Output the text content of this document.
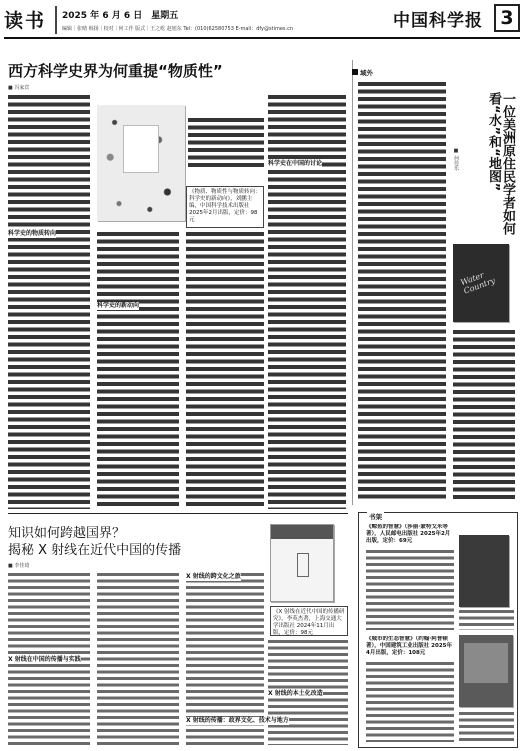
读书 2025 年 6 月 6 日　星期五
编辑｜张晴 韩扬｜校对｜何工作 版式｜王之屹 赵旭东 Tel：(010)62580753 E-mail：dfy@stimes.cn	中国科学报 3
西方科学史界为何重提“物质性”
■ 冯家宾
科学史的物质转向
科学史的新动向
科学史在中国的讨论
《物质、物质性与物质转向：科学史的新动向》，刘鹏主编，中国科学技术出版社 2025年2月出版，定价：98元
知识如何跨越国界？
揭秘 X 射线在近代中国的传播
■ 李佳琦
X 射线在中国的传播与实践
X 射线的跨文化之旅
X 射线的传播：政界文化、技术与地方
X 射线的本土化改造
《X 射线在近代中国的传播研究》，李英杰著，上海交通大学出版社 2024年11月出版，定价：98元
域外
一位美洲原住民学者如何看“水”和“地图”
■ 何佳乐
Water Country
书架
《鲸鱼的智慧》（莎丽·蒙特戈米等著），人民邮电出版社 2025年2月出版，定价：69元
《城市的生态智慧》（约翰·阿普顿著），中国建筑工业出版社 2025年4月出版，定价：108元
